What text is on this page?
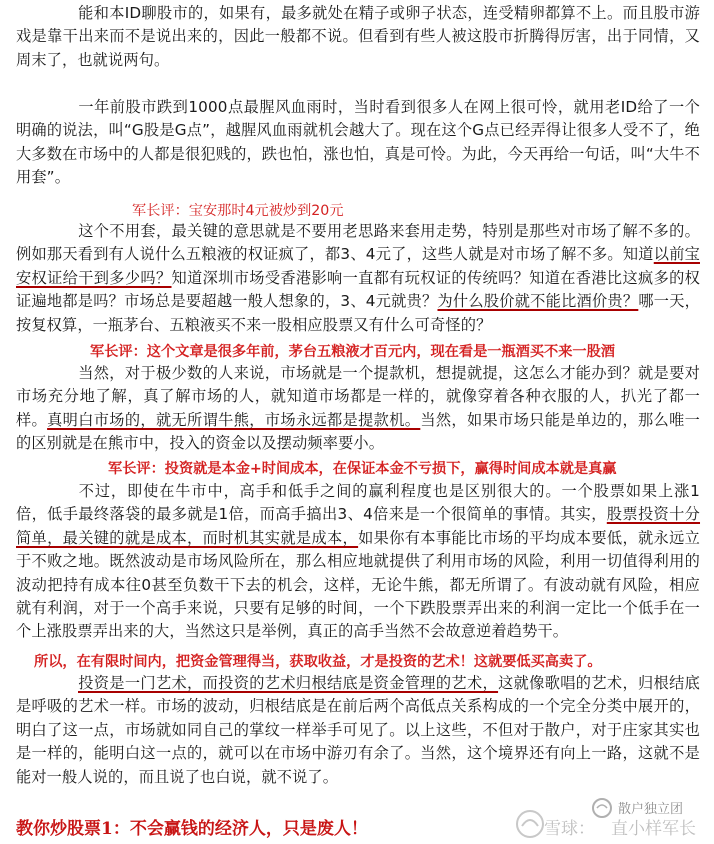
能和本ID聊股市的，如果有，最多就处在精子或卵子状态，连受精卵都算不上。而且股市游戏是靠干出来而不是说出来的，因此一般都不说。但看到有些人被这股市折腾得厉害，出于同情，又周末了，也就说两句。

一年前股市跌到1000点最腥风血雨时，当时看到很多人在网上很可怜，就用老ID给了一个明确的说法，叫“G股是G点”，越腥风血雨就机会越大了。现在这个G点已经弄得让很多人受不了，绝大多数在市场中的人都是很犯贱的，跌也怕，涨也怕，真是可怜。为此，今天再给一句话，叫“大牛不用套”。

军长评：宝安那时4元被炒到20元

这个不用套，最关键的意思就是不要用老思路来套用走势，特别是那些对市场了解不多的。例如那天看到有人说什么五粮液的权证疯了，都3、4元了，这些人就是对市场了解不多。知道以前宝安权证给干到多少吗？知道深圳市场受香港影响一直都有玩权证的传统吗？知道在香港比这疯多的权证遍地都是吗？市场总是要超越一般人想象的，3、4元就贵？为什么股价就不能比酒价贵？哪一天，按复权算，一瓶茅台、五粮液买不来一股相应股票又有什么可奇怪的？

军长评：这个文章是很多年前，茅台五粮液才百元内，现在看是一瓶酒买不来一股酒

当然，对于极少数的人来说，市场就是一个提款机，想提就提，这怎么才能办到？就是要对市场充分地了解，真了解市场的人，就知道市场都是一样的，就像穿着各种衣服的人，扒光了都一样。真明白市场的，就无所谓牛熊，市场永远都是提款机。当然，如果市场只能是单边的，那么唯一的区别就是在熊市中，投入的资金以及摆动频率要小。

军长评：投资就是本金+时间成本，在保证本金不亏损下，赢得时间成本就是真赢

不过，即使在牛市中，高手和低手之间的赢利程度也是区别很大的。一个股票如果上涨1倍，低手最终落袋的最多就是1倍，而高手搞出3、4倍来是一个很简单的事情。其实，股票投资十分简单，最关键的就是成本，而时机其实就是成本，如果你有本事能比市场的平均成本要低，就永远立于不败之地。既然波动是市场风险所在，那么相应地就提供了利用市场的风险，利用一切值得利用的波动把持有成本往0甚至负数干下去的机会，这样，无论牛熊，都无所谓了。有波动就有风险，相应就有利润，对于一个高手来说，只要有足够的时间，一个下跌股票弄出来的利润一定比一个低手在一个上涨股票弄出来的大，当然这只是举例，真正的高手当然不会故意逆着趋势干。

所以，在有限时间内，把资金管理得当，获取收益，才是投资的艺术！这就要低买高卖了。

投资是一门艺术，而投资的艺术归根结底是资金管理的艺术，这就像歌唱的艺术，归根结底是呼吸的艺术一样。市场的波动，归根结底是在前后两个高低点关系构成的一个完全分类中展开的，明白了这一点，市场就如同自己的掌纹一样举手可见了。以上这些，不但对于散户，对于庄家其实也是一样的，能明白这一点的，就可以在市场中游刃有余了。当然，这个境界还有向上一路，这就不是能对一般人说的，而且说了也白说，就不说了。

教你炒股票1：不会赢钱的经济人，只是废人！
散户独立团
雪球： 直小样军长
